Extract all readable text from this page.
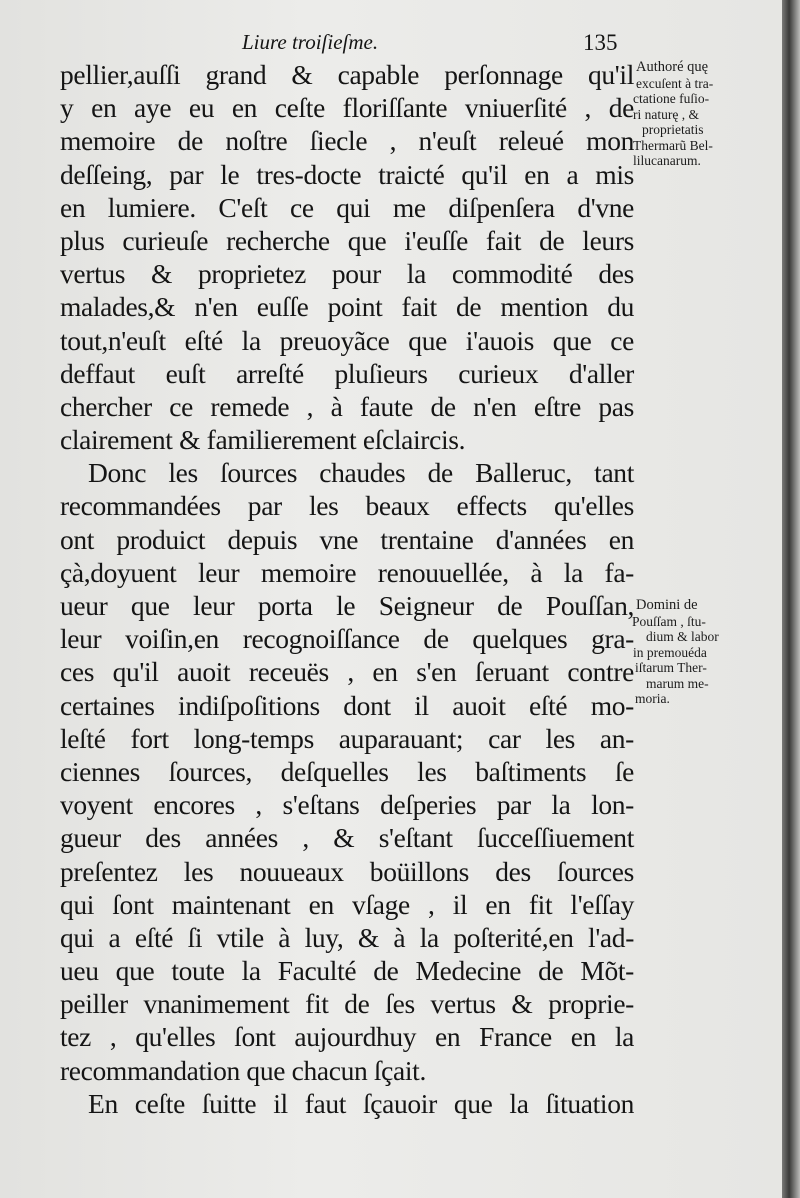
Liure troiſieſme.	135
pellier,auſſi grand & capable perſonnage qu'il
y en aye eu en ceſte floriſſante vniuerſité , de
memoire de noſtre ſiecle , n'euſt releué mon
deſſeing, par le tres-docte traicté qu'il en a mis
en lumiere. C'eſt ce qui me diſpenſera d'vne
plus curieuſe recherche que i'euſſe fait de leurs
vertus & proprietez pour la commodité des
malades,& n'en euſſe point fait de mention du
tout,n'euſt eſté la preuoyãce que i'auois que ce
deffaut euſt arreſté pluſieurs curieux d'aller
chercher ce remede , à faute de n'en eſtre pas
clairement & familierement eſclaircis.
Donc les ſources chaudes de Balleruc, tant
recommandées par les beaux effects qu'elles
ont produict depuis vne trentaine d'années en
çà,doyuent leur memoire renouuellée, à la fa-
ueur que leur porta le Seigneur de Pouſſan,
leur voiſin,en recognoiſſance de quelques gra-
ces qu'il auoit receuës , en s'en ſeruant contre
certaines indiſpoſitions dont il auoit eſté mo-
leſté fort long-temps auparauant; car les an-
ciennes ſources, deſquelles les baſtiments ſe
voyent encores , s'eſtans deſperies par la lon-
gueur des années , & s'eſtant ſucceſſiuement
preſentez les nouueaux boüillons des ſources
qui ſont maintenant en vſage , il en fit l'eſſay
qui a eſté ſi vtile à luy, & à la poſterité,en l'ad-
ueu que toute la Faculté de Medecine de Mõt-
peiller vnanimement fit de ſes vertus & proprie-
tez , qu'elles ſont aujourdhuy en France en la
recommandation que chacun ſçait.
En ceſte ſuitte il faut ſçauoir que la ſituation
Authoré quę
excuſent à tra-
ctatione fuſio-
ri naturę , &
proprietatis
Thermarũ Bel-
lilucanarum.
Domini de
Pouſſam , ſtu-
dium & labor
in premouéda
iſtarum Ther-
marum me-
moria.
